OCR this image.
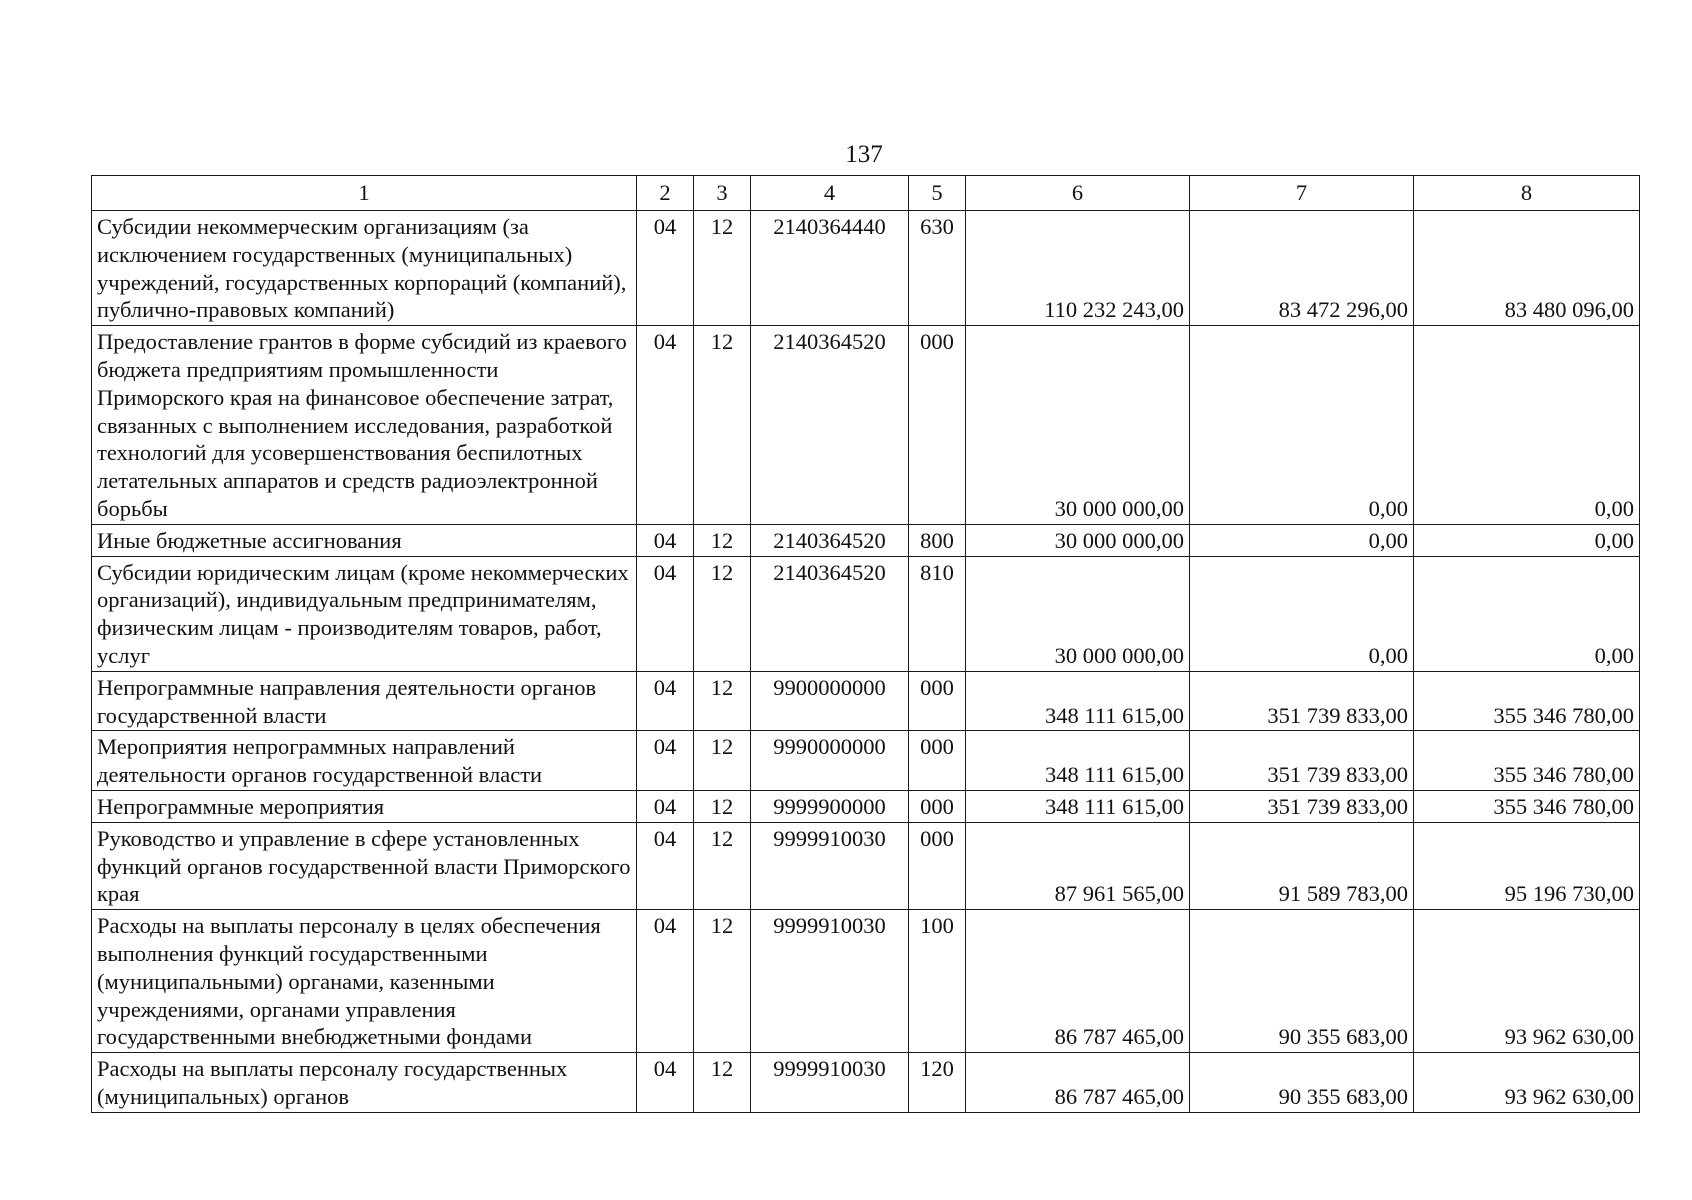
137
1	2	3	4	5	6	7	8
Субсидии некоммерческим организациям (за исключением государственных (муниципальных) учреждений, государственных корпораций (компаний), публично-правовых компаний)	04	12	2140364440	630	110 232 243,00	83 472 296,00	83 480 096,00
Предоставление грантов в форме субсидий из краевого бюджета предприятиям промышленности Приморского края на финансовое обеспечение затрат, связанных с выполнением исследования, разработкой технологий для усовершенствования беспилотных летательных аппаратов и средств радиоэлектронной борьбы	04	12	2140364520	000	30 000 000,00	0,00	0,00
Иные бюджетные ассигнования	04	12	2140364520	800	30 000 000,00	0,00	0,00
Субсидии юридическим лицам (кроме некоммерческих организаций), индивидуальным предпринимателям, физическим лицам - производителям товаров, работ, услуг	04	12	2140364520	810	30 000 000,00	0,00	0,00
Непрограммные направления деятельности органов государственной власти	04	12	9900000000	000	348 111 615,00	351 739 833,00	355 346 780,00
Мероприятия непрограммных направлений деятельности органов государственной власти	04	12	9990000000	000	348 111 615,00	351 739 833,00	355 346 780,00
Непрограммные мероприятия	04	12	9999900000	000	348 111 615,00	351 739 833,00	355 346 780,00
Руководство и управление в сфере установленных функций органов государственной власти Приморского края	04	12	9999910030	000	87 961 565,00	91 589 783,00	95 196 730,00
Расходы на выплаты персоналу в целях обеспечения выполнения функций государственными (муниципальными) органами, казенными учреждениями, органами управления государственными внебюджетными фондами	04	12	9999910030	100	86 787 465,00	90 355 683,00	93 962 630,00
Расходы на выплаты персоналу государственных (муниципальных) органов	04	12	9999910030	120	86 787 465,00	90 355 683,00	93 962 630,00
